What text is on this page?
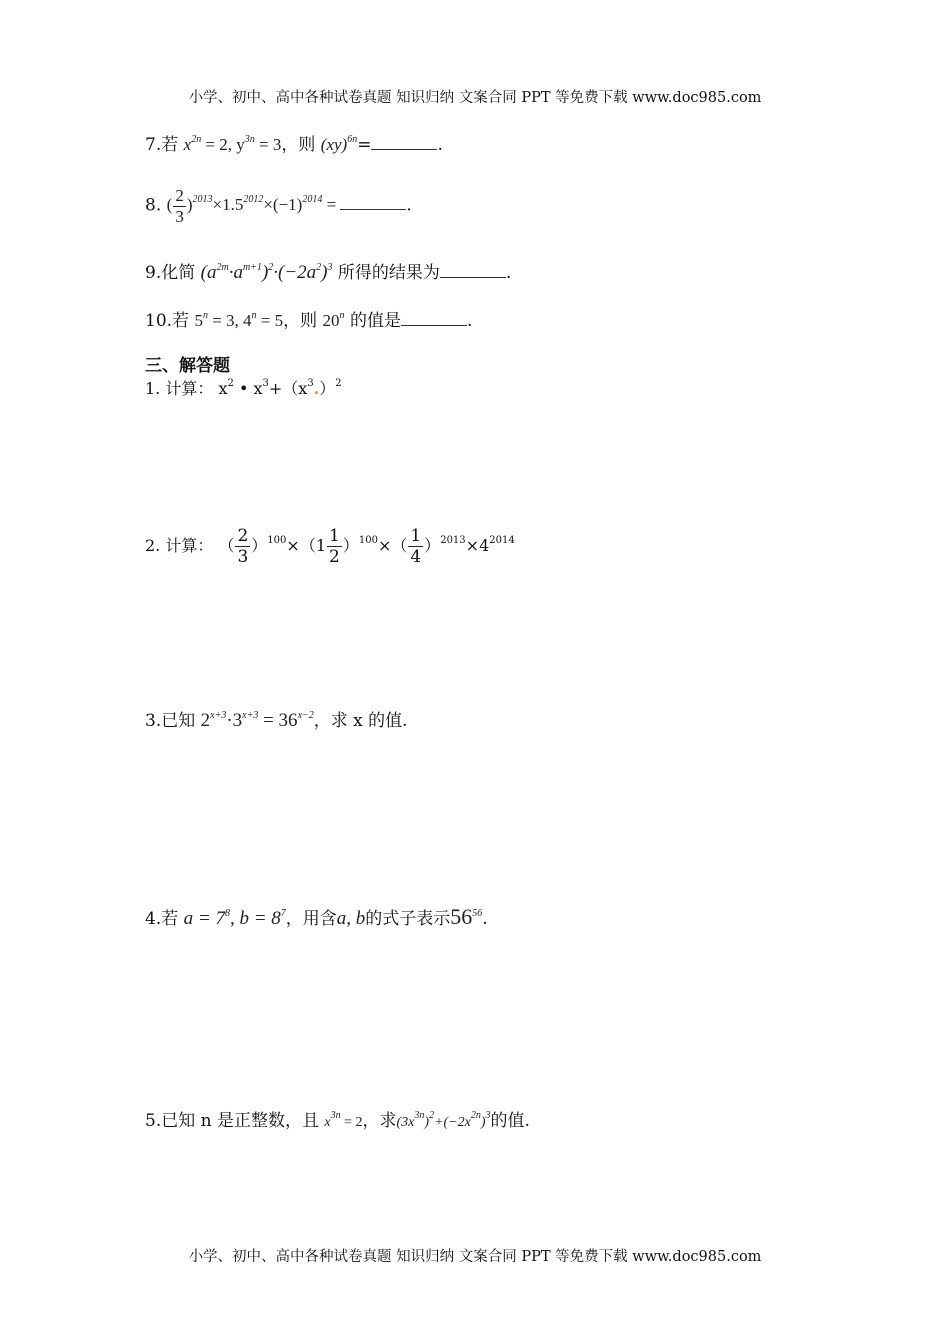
小学、初中、高中各种试卷真题 知识归纳 文案合同 PPT 等免费下载 www.doc985.com
7.若 $x^{2n} = 2$, $y^{3n} = 3$，则 (xy)$^{6n}$=	.
8. ( $\frac{2}{3} )^{2013}\times 1.5^{2012}\times(-1)^{2014}$ =	.
9.化简 $(a^{2m}\cdot a^{m+1})^2\cdot(-2a^2)^3$ 所得的结果为	.
10.若 $5^n = 3$, $4^n = 5$，则 20$^n$ 的值是	.
三、解答题
1. 计算： $x^2$ • $x^3+(x^3.)^2$
2. 计算： （ $\frac{2}{3} )^{100}\times(1 \frac{1}{2} )^{100}\times( \frac{1}{4} )^{2013}\times 4^{2014}$
3.已知 $2^{x+3}\cdot 3^{x+3} = 36^{x-2}$，求 x 的值.
4.若 $a = 7^8$, $b = 8^7$，用含a, b的式子表示$56^{56}$.
5.已知 n 是正整数，且 $x^{3n} = 2$，求$(3x^{3n})^2+(-2x^{2n})^3$的值.
小学、初中、高中各种试卷真题 知识归纳 文案合同 PPT 等免费下载 www.doc985.com
